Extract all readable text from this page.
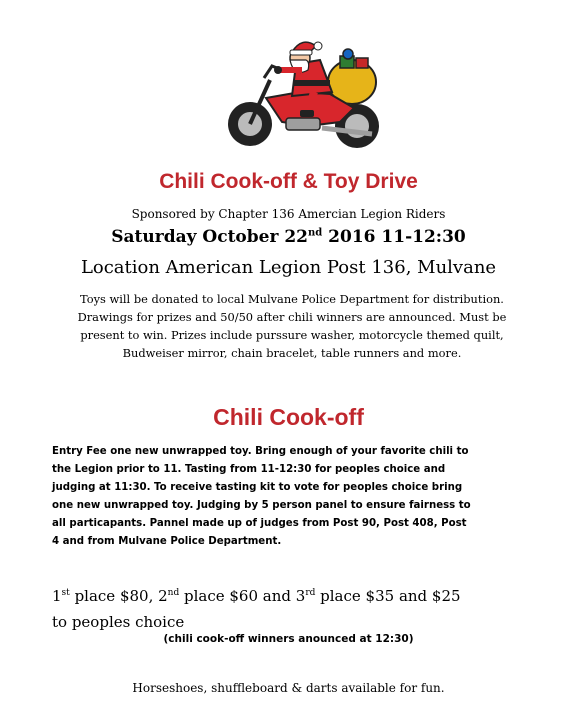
Chili Cook-off & Toy Drive
Sponsored by Chapter 136 Amercian Legion Riders
Saturday October 22nd 2016 11-12:30
Location American Legion Post 136, Mulvane
Toys will be donated to local Mulvane Police Department for distribution.
Drawings for prizes and 50/50 after chili winners are announced. Must be
present to win. Prizes include purssure washer, motorcycle themed quilt,
Budweiser mirror, chain bracelet, table runners and more.
Chili Cook-off
Entry Fee one new unwrapped toy. Bring enough of your favorite chili to
the Legion prior to 11. Tasting from 11-12:30 for peoples choice and
judging at 11:30. To receive tasting kit to vote for peoples choice bring
one new unwrapped toy. Judging by 5 person panel to ensure fairness to
all particapants. Pannel made up of judges from Post 90, Post 408, Post
4 and from Mulvane Police Department.
1st place $80, 2nd place $60 and 3rd place $35 and $25
to peoples choice
(chili cook-off winners anounced at 12:30)
Horseshoes, shuffleboard & darts available for fun.
